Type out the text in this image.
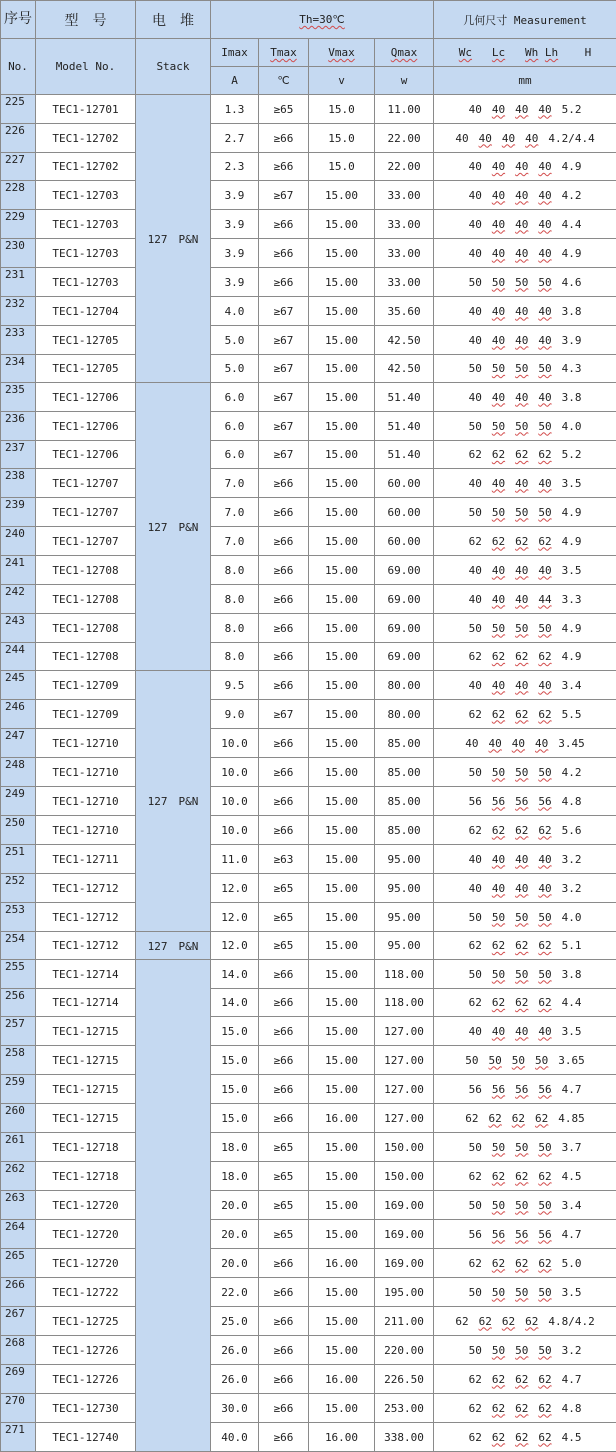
序号	型　号	电　堆	Th=30℃				几何尺寸 Measurement
No.	Model No.	Stack	Imax	Tmax	Vmax	Qmax	Wc Lc Wh Lh H
			A	℃	v	w	mm
225	TEC1-12701	127　P&N	1.3	≥65	15.0	11.00	40 40 40 40 5.2
226	TEC1-12702		2.7	≥66	15.0	22.00	40 40 40 40 4.2/4.4
227	TEC1-12702		2.3	≥66	15.0	22.00	40 40 40 40 4.9
228	TEC1-12703		3.9	≥67	15.00	33.00	40 40 40 40 4.2
229	TEC1-12703		3.9	≥66	15.00	33.00	40 40 40 40 4.4
230	TEC1-12703		3.9	≥66	15.00	33.00	40 40 40 40 4.9
231	TEC1-12703		3.9	≥66	15.00	33.00	50 50 50 50 4.6
232	TEC1-12704		4.0	≥67	15.00	35.60	40 40 40 40 3.8
233	TEC1-12705		5.0	≥67	15.00	42.50	40 40 40 40 3.9
234	TEC1-12705		5.0	≥67	15.00	42.50	50 50 50 50 4.3
235	TEC1-12706	127　P&N	6.0	≥67	15.00	51.40	40 40 40 40 3.8
236	TEC1-12706		6.0	≥67	15.00	51.40	50 50 50 50 4.0
237	TEC1-12706		6.0	≥67	15.00	51.40	62 62 62 62 5.2
238	TEC1-12707		7.0	≥66	15.00	60.00	40 40 40 40 3.5
239	TEC1-12707		7.0	≥66	15.00	60.00	50 50 50 50 4.9
240	TEC1-12707		7.0	≥66	15.00	60.00	62 62 62 62 4.9
241	TEC1-12708		8.0	≥66	15.00	69.00	40 40 40 40 3.5
242	TEC1-12708		8.0	≥66	15.00	69.00	40 40 40 44 3.3
243	TEC1-12708		8.0	≥66	15.00	69.00	50 50 50 50 4.9
244	TEC1-12708		8.0	≥66	15.00	69.00	62 62 62 62 4.9
245	TEC1-12709	127　P&N	9.5	≥66	15.00	80.00	40 40 40 40 3.4
246	TEC1-12709		9.0	≥67	15.00	80.00	62 62 62 62 5.5
247	TEC1-12710		10.0	≥66	15.00	85.00	40 40 40 40 3.45
248	TEC1-12710		10.0	≥66	15.00	85.00	50 50 50 50 4.2
249	TEC1-12710		10.0	≥66	15.00	85.00	56 56 56 56 4.8
250	TEC1-12710		10.0	≥66	15.00	85.00	62 62 62 62 5.6
251	TEC1-12711		11.0	≥63	15.00	95.00	40 40 40 40 3.2
252	TEC1-12712		12.0	≥65	15.00	95.00	40 40 40 40 3.2
253	TEC1-12712		12.0	≥65	15.00	95.00	50 50 50 50 4.0
254	TEC1-12712	127　P&N	12.0	≥65	15.00	95.00	62 62 62 62 5.1
255	TEC1-12714		14.0	≥66	15.00	118.00	50 50 50 50 3.8
256	TEC1-12714		14.0	≥66	15.00	118.00	62 62 62 62 4.4
257	TEC1-12715		15.0	≥66	15.00	127.00	40 40 40 40 3.5
258	TEC1-12715		15.0	≥66	15.00	127.00	50 50 50 50 3.65
259	TEC1-12715		15.0	≥66	15.00	127.00	56 56 56 56 4.7
260	TEC1-12715		15.0	≥66	16.00	127.00	62 62 62 62 4.85
261	TEC1-12718		18.0	≥65	15.00	150.00	50 50 50 50 3.7
262	TEC1-12718		18.0	≥65	15.00	150.00	62 62 62 62 4.5
263	TEC1-12720		20.0	≥65	15.00	169.00	50 50 50 50 3.4
264	TEC1-12720		20.0	≥65	15.00	169.00	56 56 56 56 4.7
265	TEC1-12720		20.0	≥66	16.00	169.00	62 62 62 62 5.0
266	TEC1-12722		22.0	≥66	15.00	195.00	50 50 50 50 3.5
267	TEC1-12725		25.0	≥66	15.00	211.00	62 62 62 62 4.8/4.2
268	TEC1-12726		26.0	≥66	15.00	220.00	50 50 50 50 3.2
269	TEC1-12726		26.0	≥66	16.00	226.50	62 62 62 62 4.7
270	TEC1-12730		30.0	≥66	15.00	253.00	62 62 62 62 4.8
271	TEC1-12740		40.0	≥66	16.00	338.00	62 62 62 62 4.5
